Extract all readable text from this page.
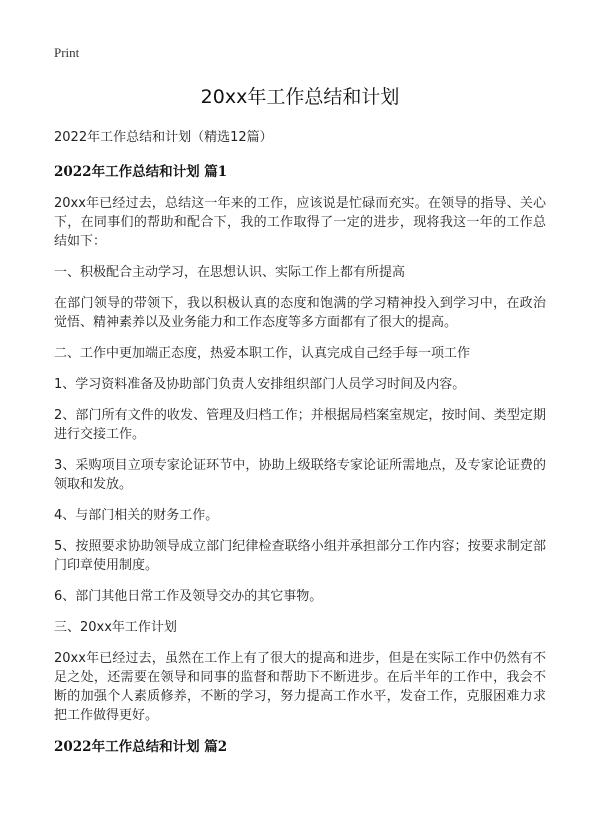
Print
20xx年工作总结和计划

2022年工作总结和计划（精选12篇）

2022年工作总结和计划 篇1

20xx年已经过去，总结这一年来的工作，应该说是忙碌而充实。在领导的指导、关心下，在同事们的帮助和配合下，我的工作取得了一定的进步，现将我这一年的工作总结如下：

一、积极配合主动学习，在思想认识、实际工作上都有所提高

在部门领导的带领下，我以积极认真的态度和饱满的学习精神投入到学习中，在政治觉悟、精神素养以及业务能力和工作态度等多方面都有了很大的提高。

二、工作中更加端正态度，热爱本职工作，认真完成自己经手每一项工作

1、学习资料准备及协助部门负责人安排组织部门人员学习时间及内容。

2、部门所有文件的收发、管理及归档工作；并根据局档案室规定，按时间、类型定期进行交接工作。

3、采购项目立项专家论证环节中，协助上级联络专家论证所需地点，及专家论证费的领取和发放。

4、与部门相关的财务工作。

5、按照要求协助领导成立部门纪律检查联络小组并承担部分工作内容；按要求制定部门印章使用制度。

6、部门其他日常工作及领导交办的其它事物。

三、20xx年工作计划

20xx年已经过去，虽然在工作上有了很大的提高和进步，但是在实际工作中仍然有不足之处，还需要在领导和同事的监督和帮助下不断进步。在后半年的工作中，我会不断的加强个人素质修养，不断的学习，努力提高工作水平，发奋工作，克服困难力求把工作做得更好。

2022年工作总结和计划 篇2
